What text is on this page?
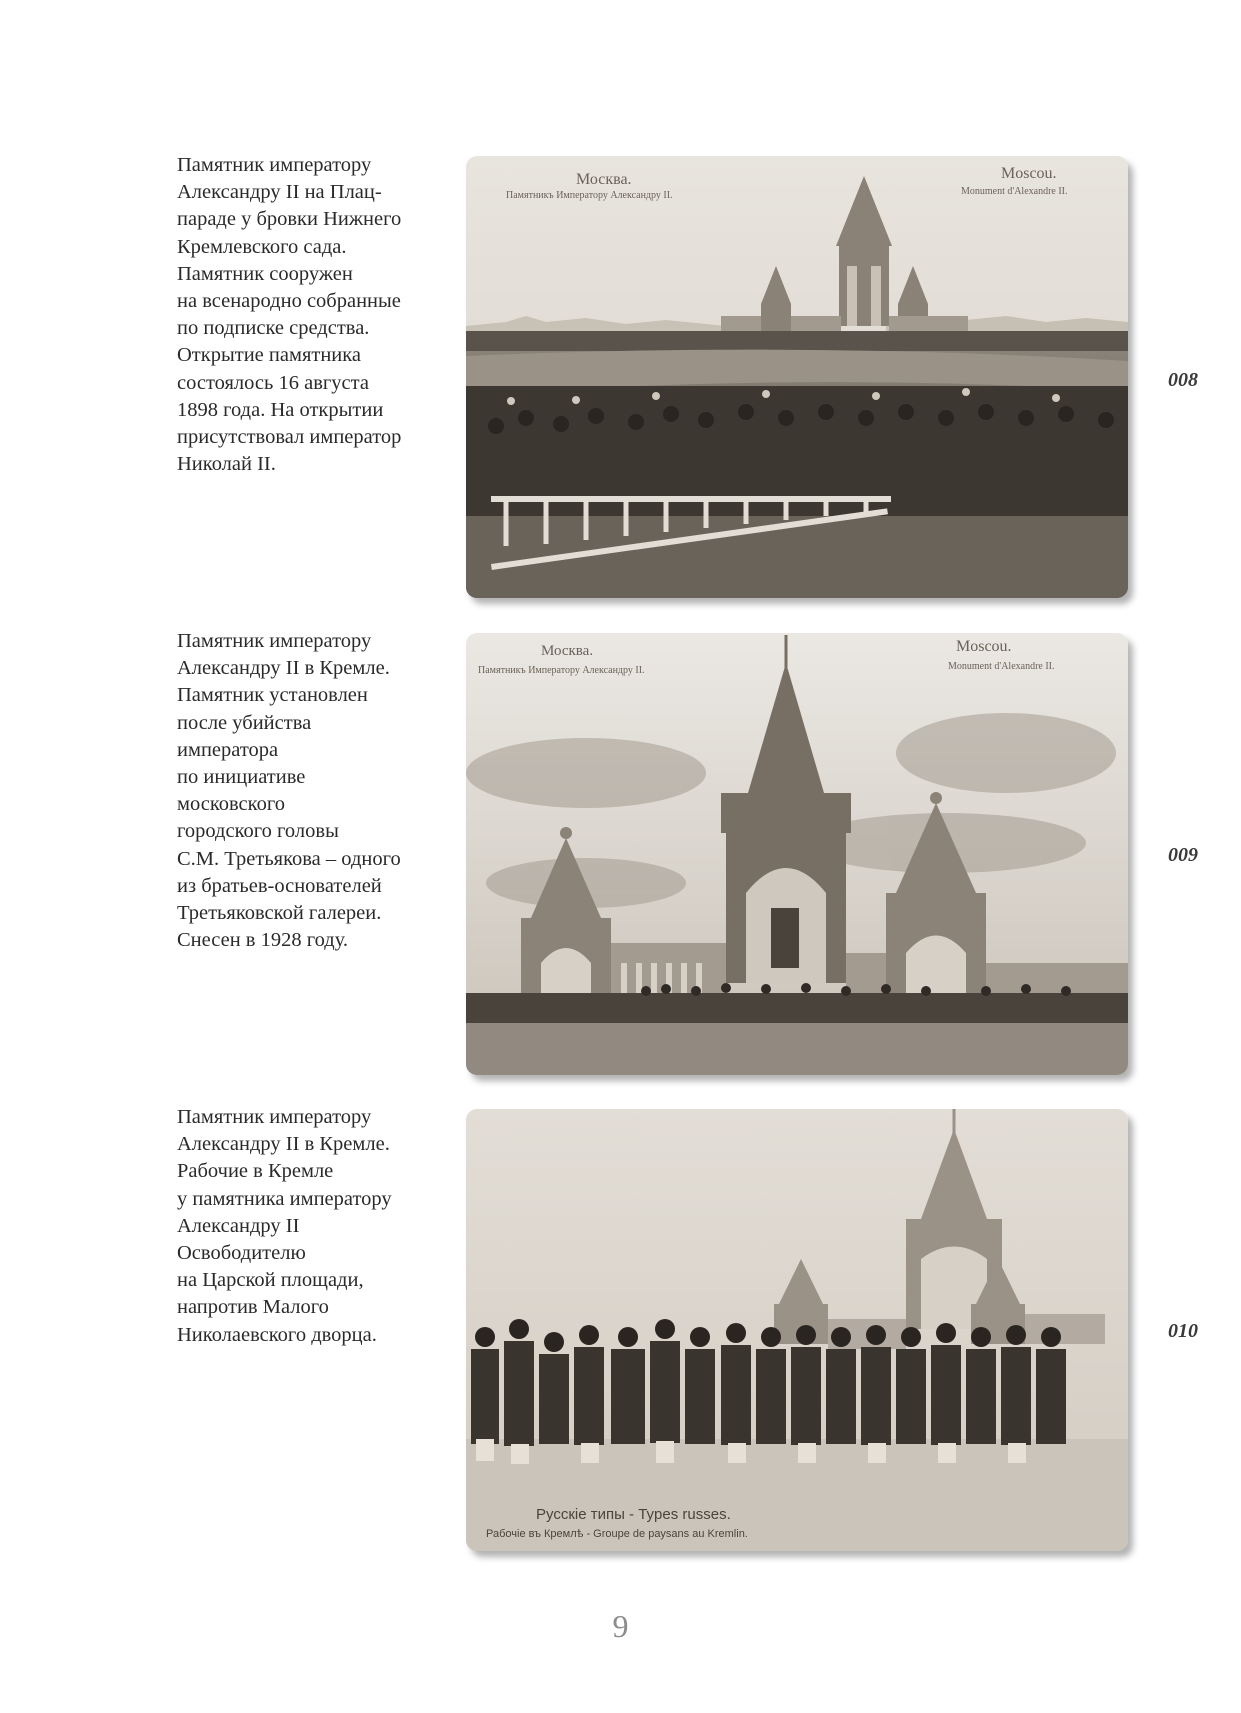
Памятник императору
Александру II на Плац-
параде у бровки Нижнего
Кремлевского сада.
Памятник сооружен
на всенародно собранные
по подписке средства.
Открытие памятника
состоялось 16 августа
1898 года. На открытии
присутствовал император
Николай II.
Москва.
Памятникъ Императору Александру II.
Moscou.
Monument d'Alexandre II.
008
Памятник императору
Александру II в Кремле.
Памятник установлен
после убийства
императора
по инициативе
московского
городского головы
С.М. Третьякова – одного
из братьев-основателей
Третьяковской галереи.
Снесен в 1928 году.
Москва.
Памятникъ Императору Александру II.
Moscou.
Monument d'Alexandre II.
009
Памятник императору
Александру II в Кремле.
Рабочие в Кремле
у памятника императору
Александру II
Освободителю
на Царской площади,
напротив Малого
Николаевского дворца.
Русскiе типы - Types russes.
Рабочiе въ Кремлѣ - Groupe de paysans au Kremlin.
010
9
